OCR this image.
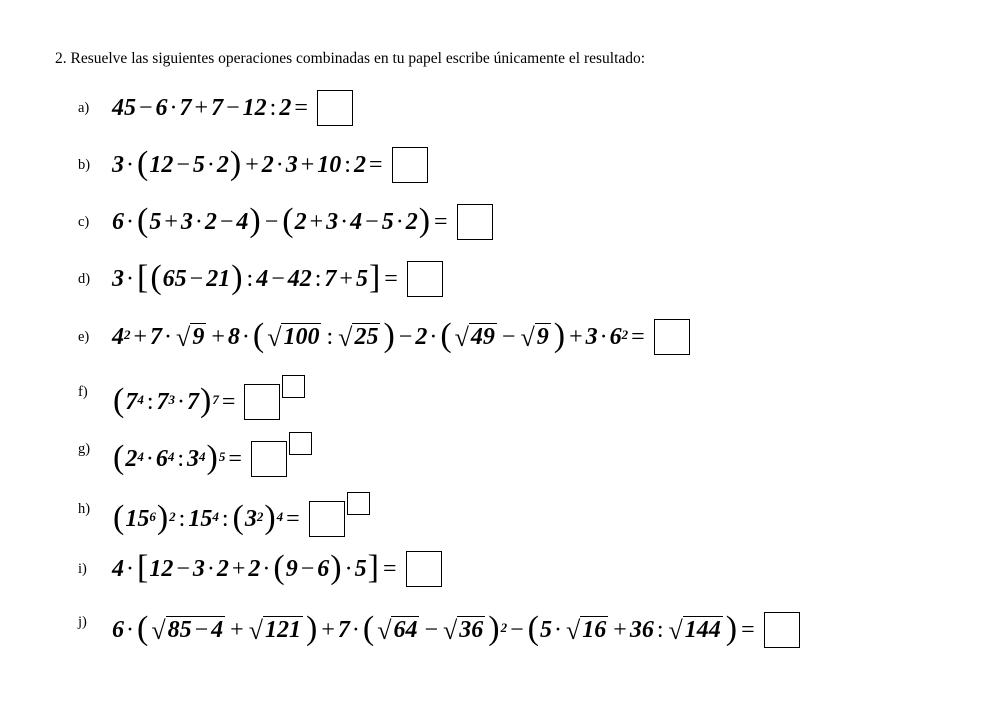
2. Resuelve las siguientes operaciones combinadas en tu papel escribe únicamente el resultado:
a) 45 − 6 · 7 + 7 − 12 : 2 =
b) 3 · ( 12 − 5 · 2 ) + 2 · 3 + 10 : 2 =
c) 6 · ( 5 + 3 · 2 − 4 ) − ( 2 + 3 · 4 − 5 · 2 ) =
d) 3 · [ ( 65 − 21 ) : 4 − 42 : 7 + 5 ] =
e) $4^2 + 7$ · √ 9 + 8 · ( √ 100 : √ 25 ) − 2 · ( √ 49 − √ 9 ) + $3 \cdot 6^2$ =
f) ( $7^4$ : $7^3 \cdot 7$ )$^7$ =
g) ( $2^4 \cdot 6^4$ : $3^4$ )$^5$ =
h) ( $15^6$ )$^2$ : $15^4$ : ( $3^2$ )$^4$ =
i) 4 · [ 12 − 3 · 2 + 2 · ( 9 − 6 ) · 5 ] =
j) 6 · ( √ 85 − 4 + √ 121 ) + 7 · ( √ 64 − √ 36 )$^2$ − ( 5 · √ 16 + 36 : √ 144 ) =
